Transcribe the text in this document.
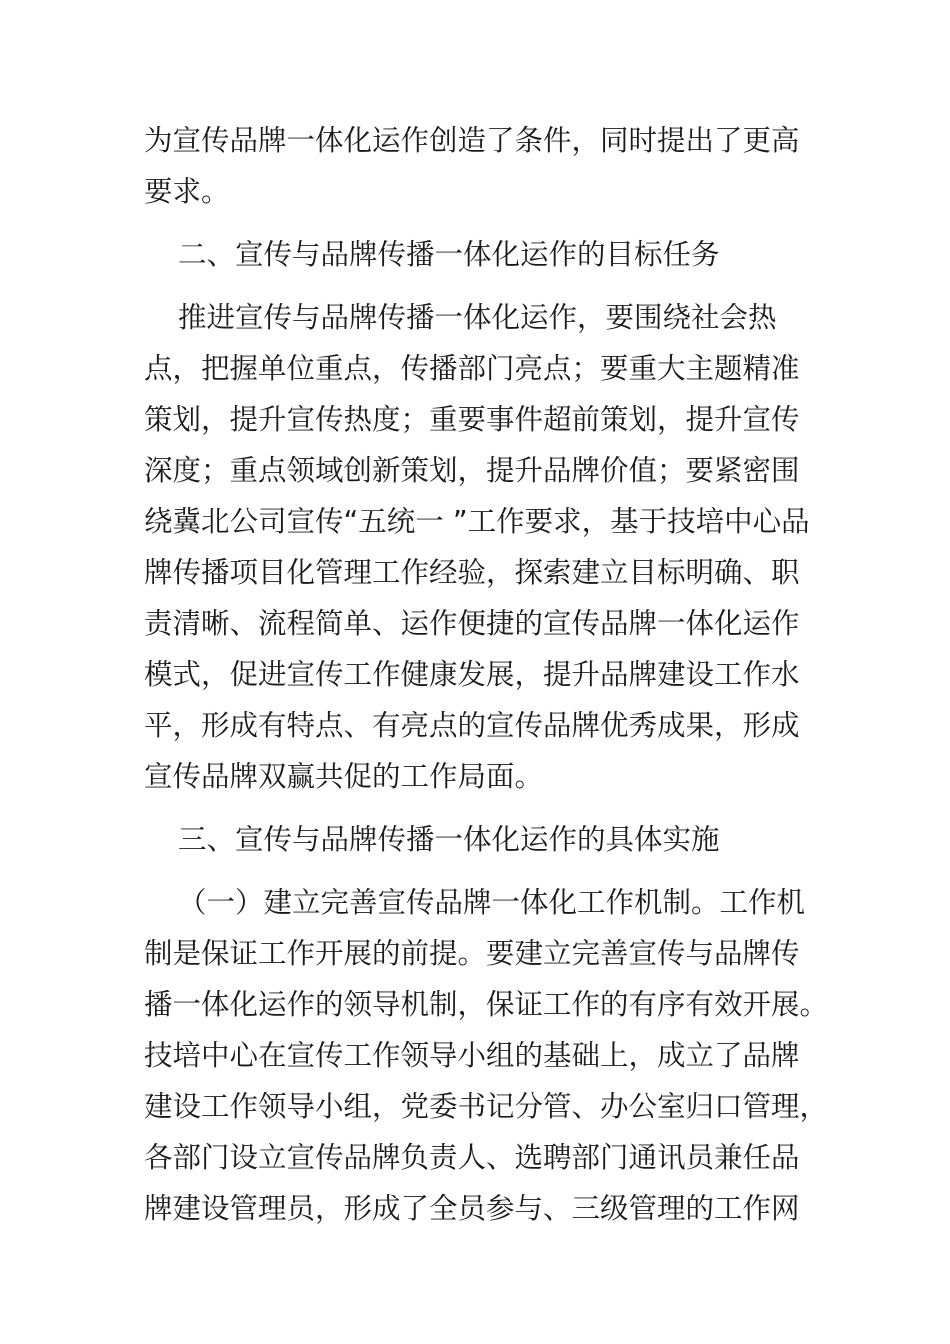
为宣传品牌一体化运作创造了条件，同时提出了更高
要求。
二、宣传与品牌传播一体化运作的目标任务
推进宣传与品牌传播一体化运作，要围绕社会热
点，把握单位重点，传播部门亮点；要重大主题精准
策划，提升宣传热度；重要事件超前策划，提升宣传
深度；重点领域创新策划，提升品牌价值；要紧密围
绕冀北公司宣传“五统一 ”工作要求，基于技培中心品
牌传播项目化管理工作经验，探索建立目标明确、职
责清晰、流程简单、运作便捷的宣传品牌一体化运作
模式，促进宣传工作健康发展，提升品牌建设工作水
平，形成有特点、有亮点的宣传品牌优秀成果，形成
宣传品牌双赢共促的工作局面。
三、宣传与品牌传播一体化运作的具体实施
（一）建立完善宣传品牌一体化工作机制。工作机
制是保证工作开展的前提。要建立完善宣传与品牌传
播一体化运作的领导机制，保证工作的有序有效开展。
技培中心在宣传工作领导小组的基础上，成立了品牌
建设工作领导小组，党委书记分管、办公室归口管理，
各部门设立宣传品牌负责人、选聘部门通讯员兼任品
牌建设管理员，形成了全员参与、三级管理的工作网
